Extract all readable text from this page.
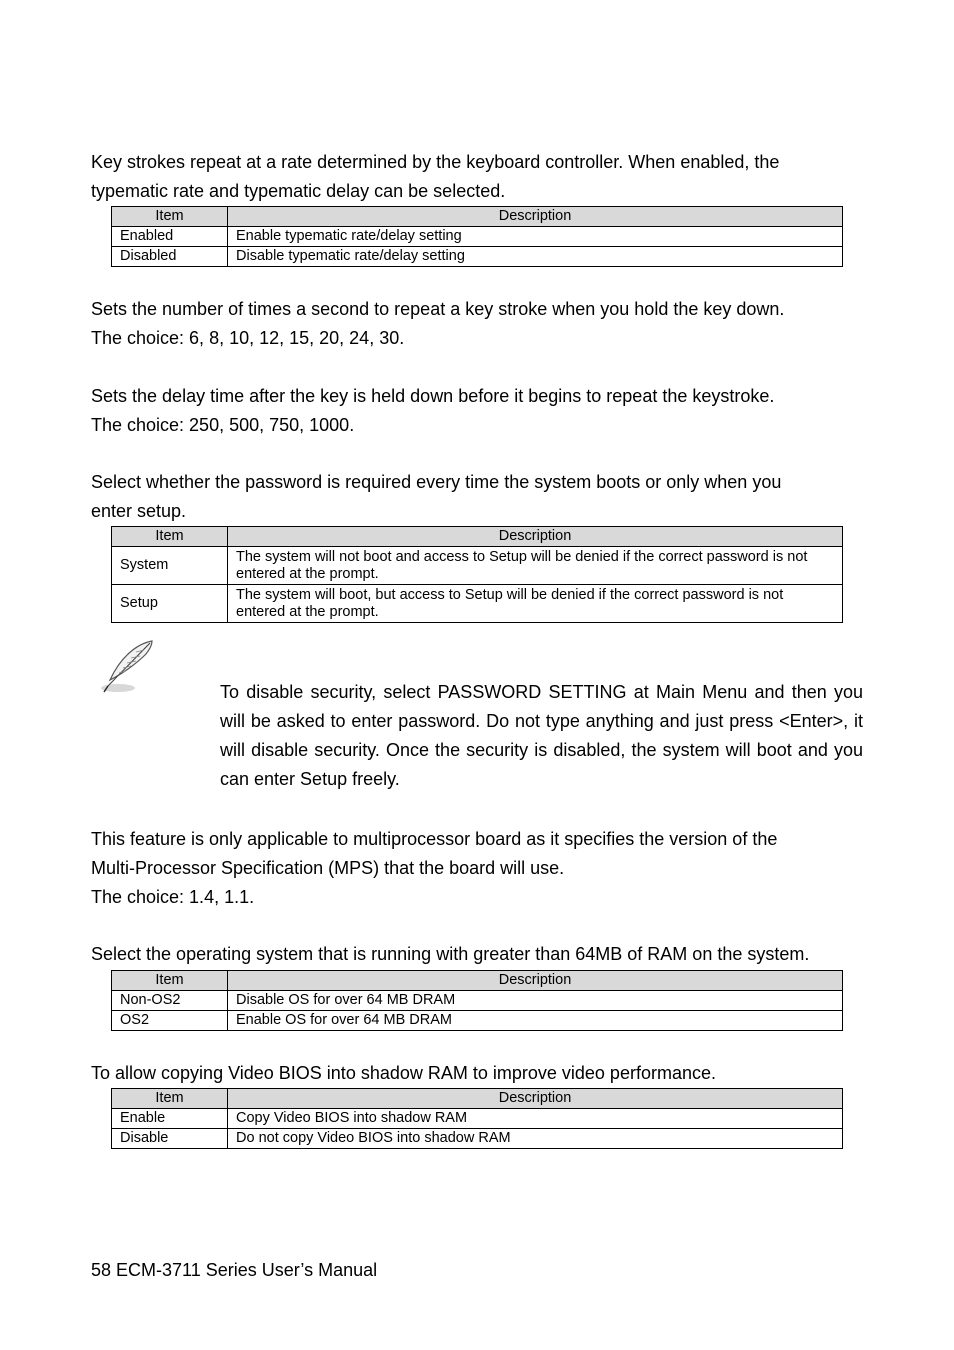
Key strokes repeat at a rate determined by the keyboard controller. When enabled, the
typematic rate and typematic delay can be selected.
Item	Description
Enabled	Enable typematic rate/delay setting
Disabled	Disable typematic rate/delay setting
Sets the number of times a second to repeat a key stroke when you hold the key down.
The choice: 6, 8, 10, 12, 15, 20, 24, 30.
Sets the delay time after the key is held down before it begins to repeat the keystroke.
The choice: 250, 500, 750, 1000.
Select whether the password is required every time the system boots or only when you
enter setup.
Item	Description
System	The system will not boot and access to Setup will be denied if the correct password is not entered at the prompt.
Setup	The system will boot, but access to Setup will be denied if the correct password is not entered at the prompt.

To disable security, select PASSWORD SETTING at Main Menu and then you will be asked to enter password. Do not type anything and just press <Enter>, it will disable security. Once the security is disabled, the system will boot and you can enter Setup freely.

This feature is only applicable to multiprocessor board as it specifies the version of the
Multi-Processor Specification (MPS) that the board will use.
The choice: 1.4, 1.1.
Select the operating system that is running with greater than 64MB of RAM on the system.
Item	Description
Non-OS2	Disable OS for over 64 MB DRAM
OS2	Enable OS for over 64 MB DRAM
To allow copying Video BIOS into shadow RAM to improve video performance.
Item	Description
Enable	Copy Video BIOS into shadow RAM
Disable	Do not copy Video BIOS into shadow RAM
58 ECM-3711 Series User’s Manual
